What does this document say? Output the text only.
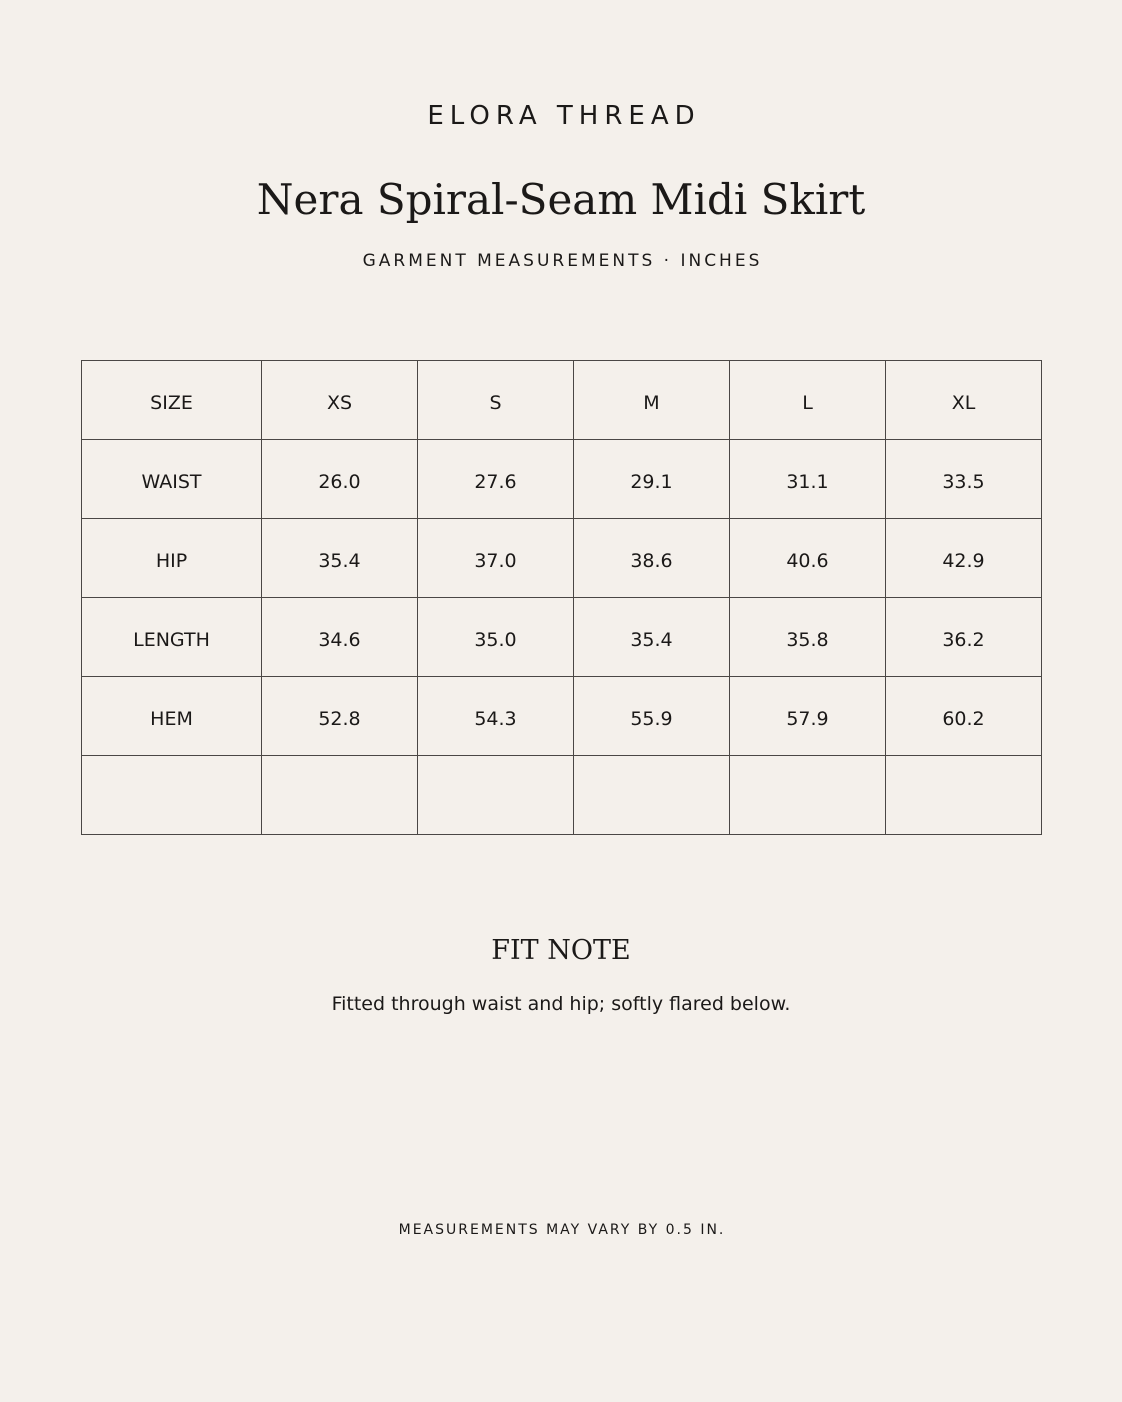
ELORA THREAD
Nera Spiral-Seam Midi Skirt
GARMENT MEASUREMENTS · INCHES
SIZE	XS	S	M	L	XL
WAIST	26.0	27.6	29.1	31.1	33.5
HIP	35.4	37.0	38.6	40.6	42.9
LENGTH	34.6	35.0	35.4	35.8	36.2
HEM	52.8	54.3	55.9	57.9	60.2

FIT NOTE
Fitted through waist and hip; softly flared below.
MEASUREMENTS MAY VARY BY 0.5 IN.
